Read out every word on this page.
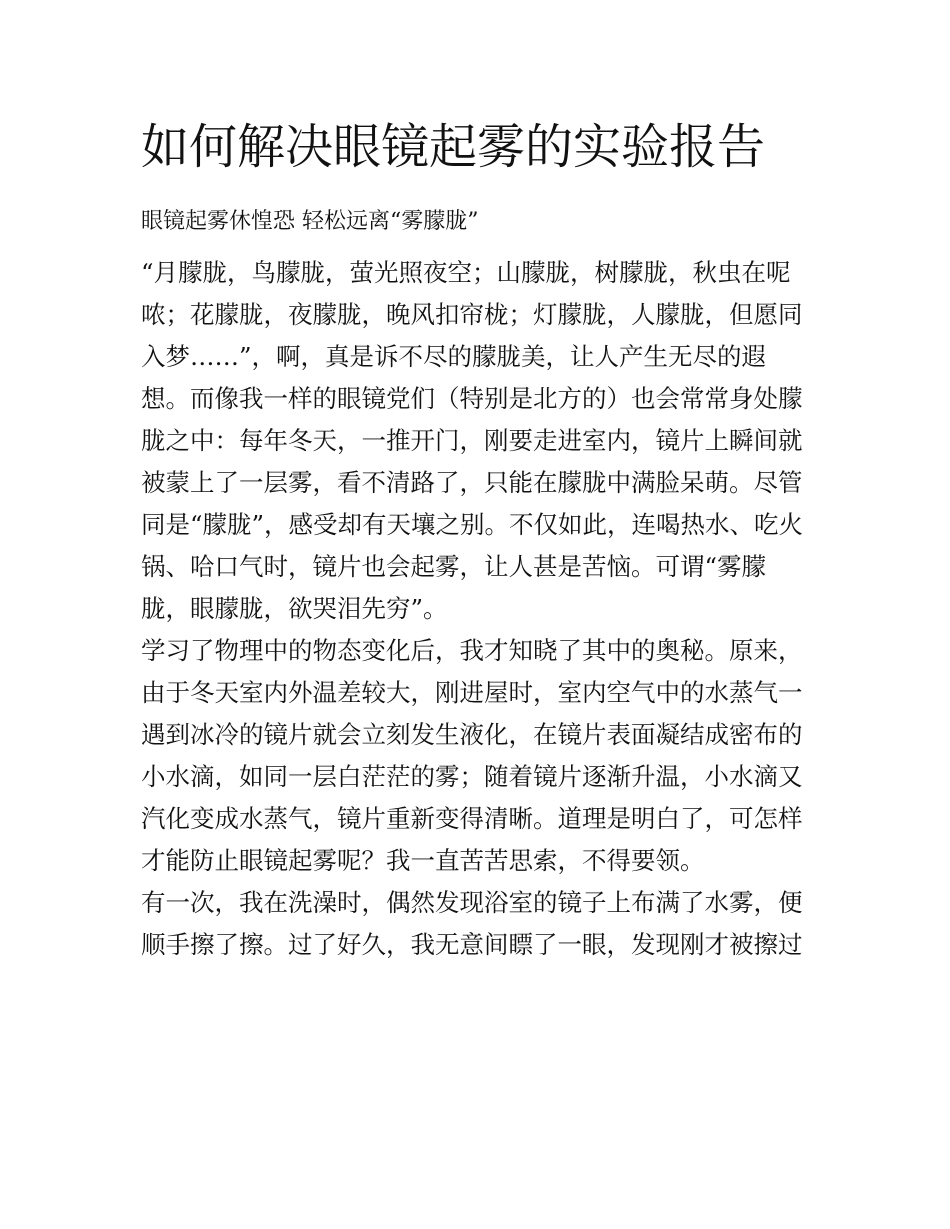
如何解决眼镜起雾的实验报告

眼镜起雾休惶恐 轻松远离“雾朦胧”

“月朦胧，鸟朦胧，萤光照夜空；山朦胧，树朦胧，秋虫在呢
哝；花朦胧，夜朦胧，晚风扣帘栊；灯朦胧，人朦胧，但愿同
入梦……”，啊，真是诉不尽的朦胧美，让人产生无尽的遐
想。而像我一样的眼镜党们（特别是北方的）也会常常身处朦
胧之中：每年冬天，一推开门，刚要走进室内，镜片上瞬间就
被蒙上了一层雾，看不清路了，只能在朦胧中满脸呆萌。尽管
同是“朦胧”，感受却有天壤之别。不仅如此，连喝热水、吃火
锅、哈口气时，镜片也会起雾，让人甚是苦恼。可谓“雾朦
胧，眼朦胧，欲哭泪先穷”。
学习了物理中的物态变化后，我才知晓了其中的奥秘。原来，
由于冬天室内外温差较大，刚进屋时，室内空气中的水蒸气一
遇到冰冷的镜片就会立刻发生液化，在镜片表面凝结成密布的
小水滴，如同一层白茫茫的雾；随着镜片逐渐升温，小水滴又
汽化变成水蒸气，镜片重新变得清晰。道理是明白了，可怎样
才能防止眼镜起雾呢？我一直苦苦思索，不得要领。
有一次，我在洗澡时，偶然发现浴室的镜子上布满了水雾，便
顺手擦了擦。过了好久，我无意间瞟了一眼，发现刚才被擦过
